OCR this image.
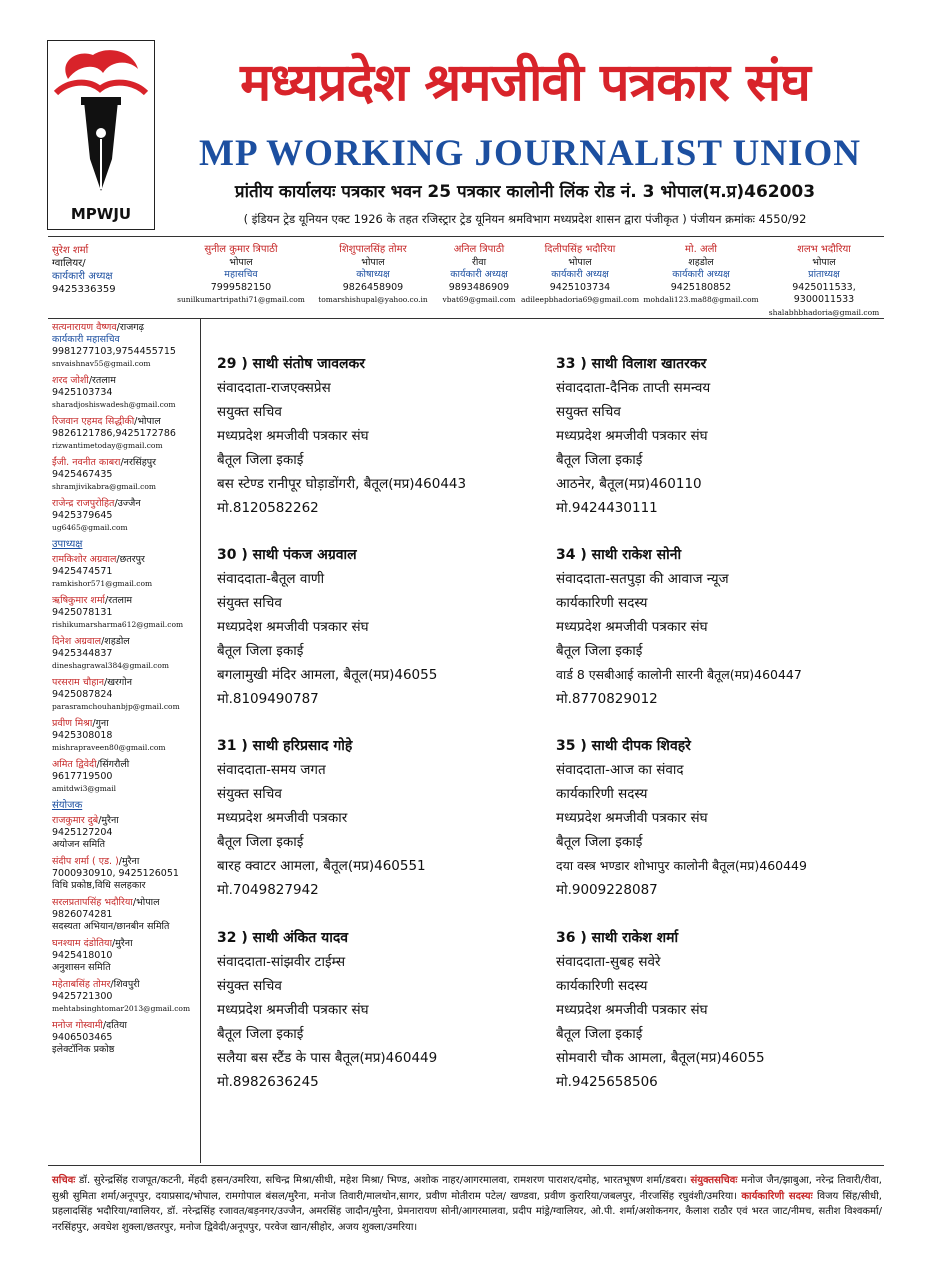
MPWJU
मध्यप्रदेश श्रमजीवी पत्रकार संघ
MP WORKING JOURNALIST UNION
प्रांतीय कार्यालयः पत्रकार भवन 25 पत्रकार कालोनी लिंक रोड नं. 3 भोपाल(म.प्र)462003
( इंडियन ट्रेड यूनियन एक्ट 1926 के तहत रजिस्ट्रार ट्रेड यूनियन श्रमविभाग मध्यप्रदेश शासन द्वारा पंजीकृत ) पंजीयन क्रमांकः 4550/92
सुरेश शर्मा
ग्वालियर/
कार्यकारी अध्यक्ष
9425336359
सुनील कुमार त्रिपाठी
भोपाल
महासचिव
7999582150
sunilkumartripathi71@gmail.com
शिशुपालसिंह तोमर
भोपाल
कोषाध्यक्ष
9826458909
tomarshishupal@yahoo.co.in
अनिल त्रिपाठी
रीवा
कार्यकारी अध्यक्ष
9893486909
vbat69@gmail.com
दिलीपसिंह भदौरिया
भोपाल
कार्यकारी अध्यक्ष
9425103734
adileepbhadoria69@gmail.com
मो. अली
शहडोल
कार्यकारी अध्यक्ष
9425180852
mohdali123.ma88@gmail.com
शलभ भदौरिया
भोपाल
प्रांताध्यक्ष
9425011533, 9300011533
shalabhbhadoria@gmail.com
सत्यनारायण वैष्णव/राजगढ़
कार्यकारी महासचिव
9981277103,9754455715
snvaishnav55@gmail.com
शरद जोशी/रतलाम
9425103734
sharadjoshiswadesh@gmail.com
रिजवान एहमद सिद्धीकी/भोपाल
9826121786,9425172786
rizwantimetoday@gmail.com
ईंजी. नवनीत काबरा/नरसिंहपुर
9425467435
shramjivikabra@gmail.com
राजेन्द्र राजपुरोहित/उज्जैन
9425379645
ug6465@gmail.com
उपाध्यक्ष
रामकिशोर अग्रवाल/छतरपुर
9425474571
ramkishor571@gmail.com
ऋषिकुमार शर्मा/रतलाम
9425078131
rishikumarsharma612@gmail.com
दिनेश अग्रवाल/शहडोल
9425344837
dineshagrawal384@gmail.com
परसराम चौहान/खरगोन
9425087824
parasramchouhanbjp@gmail.com
प्रवीण मिश्रा/गुना
9425308018
mishrapraveen80@gmail.com
अमित द्विवेदी/सिंगरौली
9617719500
amitdwi3@gmail
संयोजक
राजकुमार दुबे/मुरैना
9425127204
अयोजन समिति
संदीप शर्मा ( एड. )/मुरैना
7000930910, 9425126051
विधि प्रकोष्ठ,विधि सलहकार
सरलप्रतापसिंह भदौरिया/भोपाल
9826074281
सदस्यता अभियान/छानबीन समिति
घनश्याम दंडोतिया/मुरैना
9425418010
अनुशासन समिति
महेताबसिंह तोमर/शिवपुरी
9425721300
mehtabsinghtomar2013@gmail.com
मनोज गोस्वामी/दतिया
9406503465
इलेक्टॉनिक प्रकोष्ठ
29 ) साथी संतोष जावलकर
संवाददाता-राजएक्सप्रेस
सयुक्त सचिव
मध्यप्रदेश श्रमजीवी पत्रकार संघ
बैतूल जिला इकाई
बस स्टेण्ड रानीपूर घोड़ाडोंगरी, बैतूल(मप्र)460443
मो.8120582262
33 ) साथी विलाश खातरकर
संवाददाता-दैनिक ताप्ती समन्वय
सयुक्त सचिव
मध्यप्रदेश श्रमजीवी पत्रकार संघ
बैतूल जिला इकाई
आठनेर, बैतूल(मप्र)460110
मो.9424430111
30 ) साथी पंकज अग्रवाल
संवाददाता-बैतूल वाणी
संयुक्त सचिव
मध्यप्रदेश श्रमजीवी पत्रकार संघ
बैतूल जिला इकाई
बगलामुखी मंदिर आमला, बैतूल(मप्र)46055
मो.8109490787
34 ) साथी राकेश सोनी
संवाददाता-सतपुड़ा की आवाज न्यूज
कार्यकारिणी सदस्य
मध्यप्रदेश श्रमजीवी पत्रकार संघ
बैतूल जिला इकाई
वार्ड 8 एसबीआई कालोनी सारनी बैतूल(मप्र)460447
मो.8770829012
31 ) साथी हरिप्रसाद गोहे
संवाददाता-समय जगत
संयुक्त सचिव
मध्यप्रदेश श्रमजीवी पत्रकार
बैतूल जिला इकाई
बारह क्वाटर आमला, बैतूल(मप्र)460551
मो.7049827942
35 ) साथी दीपक शिवहरे
संवाददाता-आज का संवाद
कार्यकारिणी सदस्य
मध्यप्रदेश श्रमजीवी पत्रकार संघ
बैतूल जिला इकाई
दया वस्त्र भण्डार शोभापुर कालोनी बैतूल(मप्र)460449
मो.9009228087
32 ) साथी अंकित यादव
संवाददाता-सांझवीर टाईम्स
संयुक्त सचिव
मध्यप्रदेश श्रमजीवी पत्रकार संघ
बैतूल जिला इकाई
सलैया बस स्टैंड के पास बैतूल(मप्र)460449
मो.8982636245
36 ) साथी राकेश शर्मा
संवाददाता-सुबह सवेरे
कार्यकारिणी सदस्य
मध्यप्रदेश श्रमजीवी पत्रकार संघ
बैतूल जिला इकाई
सोमवारी चौक आमला, बैतूल(मप्र)46055
मो.9425658506
सचिवः डॉ. सुरेन्द्रसिंह राजपूत/कटनी, मेंहदी हसन/उमरिया, सचिन्द्र मिश्रा/सीधी, महेश मिश्रा/ भिण्ड, अशोक नाहर/आगरमालवा, रामशरण पाराशर/दमोह, भारतभूषण शर्मा/डबरा। संयुक्तसचिवः मनोज जैन/झाबुआ, नरेन्द्र तिवारी/रीवा, सुश्री सुमिता शर्मा/अनूपपुर, दयाप्रसाद/भोपाल, रामगोपाल बंसल/मुरैना, मनोज तिवारी/मालथोन,सागर, प्रवीण मोतीराम पटेल/ खण्डवा, प्रवीण कुरारिया/जबलपुर, नीरजसिंह रघुवंशी/उमरिया। कार्यकारिणी सदस्यः विजय सिंह/सीधी, प्रहलादसिंह भदौरिया/ग्वालियर, डॉ. नरेन्द्रसिंह रजावत/बड़नगर/उज्जैन, अमरसिंह जादौन/मुरैना, प्रेमनारायण सोनी/आगरमालवा, प्रदीप मांड्रे/ग्वालियर, ओ.पी. शर्मा/अशोकनगर, कैलाश राठौर एवं भरत जाट/नीमच, सतीश विश्वकर्मा/नरसिंहपुर, अवधेश शुक्ला/छतरपुर, मनोज द्विवेदी/अनूपपुर, परवेज खान/सीहोर, अजय शुक्ला/उमरिया।
